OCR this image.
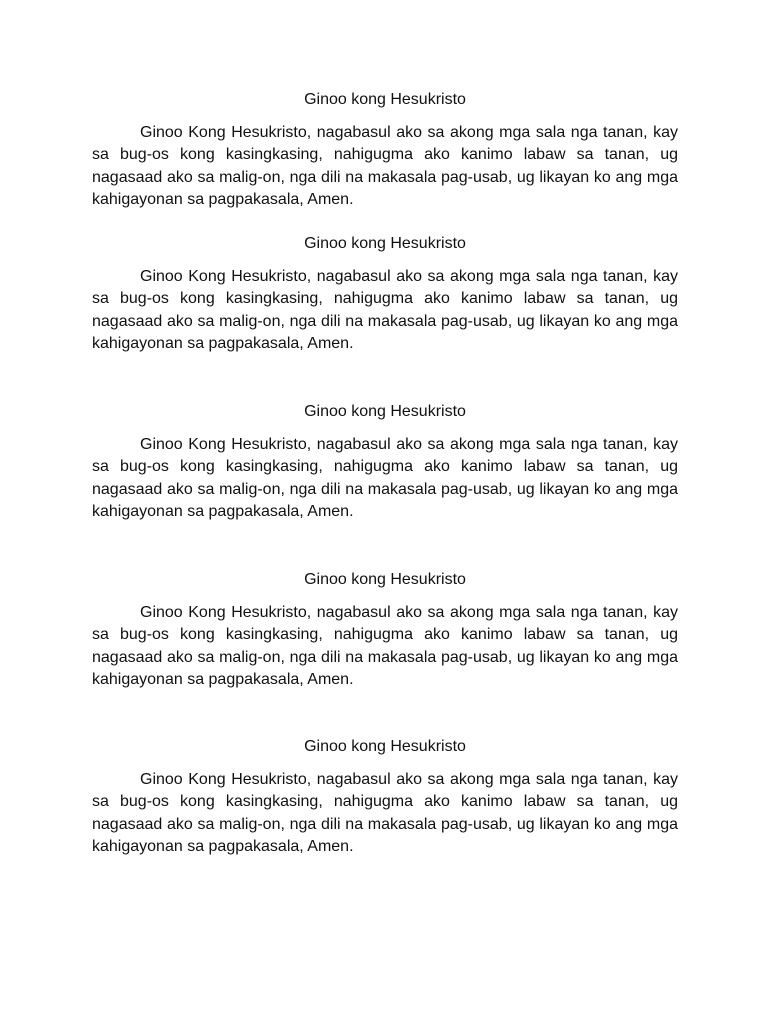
Ginoo kong Hesukristo

Ginoo Kong Hesukristo, nagabasul ako sa akong mga sala nga tanan, kay sa bug-os kong kasingkasing, nahigugma ako kanimo labaw sa tanan, ug nagasaad ako sa malig-on, nga dili na makasala pag-usab, ug likayan ko ang mga kahigayonan sa pagpakasala, Amen.

Ginoo kong Hesukristo

Ginoo Kong Hesukristo, nagabasul ako sa akong mga sala nga tanan, kay sa bug-os kong kasingkasing, nahigugma ako kanimo labaw sa tanan, ug nagasaad ako sa malig-on, nga dili na makasala pag-usab, ug likayan ko ang mga kahigayonan sa pagpakasala, Amen.

Ginoo kong Hesukristo

Ginoo Kong Hesukristo, nagabasul ako sa akong mga sala nga tanan, kay sa bug-os kong kasingkasing, nahigugma ako kanimo labaw sa tanan, ug nagasaad ako sa malig-on, nga dili na makasala pag-usab, ug likayan ko ang mga kahigayonan sa pagpakasala, Amen.

Ginoo kong Hesukristo

Ginoo Kong Hesukristo, nagabasul ako sa akong mga sala nga tanan, kay sa bug-os kong kasingkasing, nahigugma ako kanimo labaw sa tanan, ug nagasaad ako sa malig-on, nga dili na makasala pag-usab, ug likayan ko ang mga kahigayonan sa pagpakasala, Amen.

Ginoo kong Hesukristo

Ginoo Kong Hesukristo, nagabasul ako sa akong mga sala nga tanan, kay sa bug-os kong kasingkasing, nahigugma ako kanimo labaw sa tanan, ug nagasaad ako sa malig-on, nga dili na makasala pag-usab, ug likayan ko ang mga kahigayonan sa pagpakasala, Amen.
